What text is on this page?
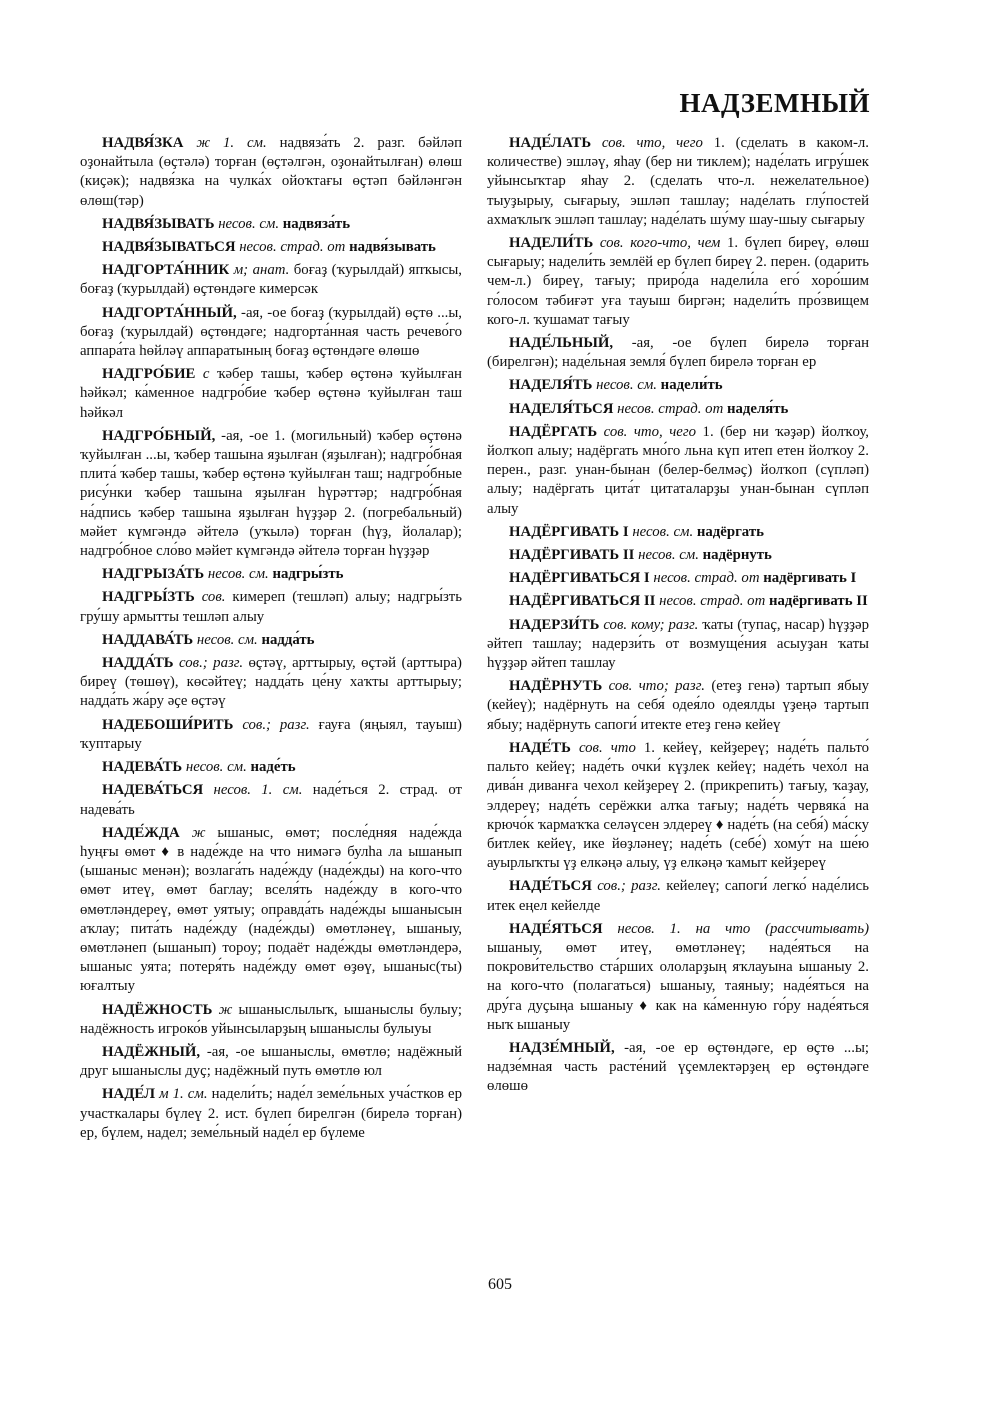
НАДЗЕМНЫЙ

НАДВЯ́ЗКА ж 1. см. надвяза́ть 2. разг. бәйләп оҙонайтыла (өҫтәлә) торған (өҫтәлгән, оҙонайтылған) өлөш (киҫәк); надвя́зка на чулка́х ойоҡтағы өҫтәп бәйләнгән өлөш(тәр)

НАДВЯ́ЗЫВАТЬ несов. см. надвяза́ть

НАДВЯ́ЗЫВАТЬСЯ несов. страд. от надвя́зывать

НАДГОРТА́ННИК м; анат. боғаҙ (ҡурылдай) япҡысы, боғаҙ (ҡурылдай) өҫтөндәге кимерсәк

НАДГОРТА́ННЫЙ, -ая, -ое боғаҙ (ҡурылдай) өҫтө ...ы, боғаҙ (ҡурылдай) өҫтөндәге; надгорта́нная часть речево́го аппара́та һөйләү аппаратының боғаҙ өҫтөндәге өлөшө

НАДГРО́БИЕ с ҡәбер ташы, ҡәбер өҫтөнә ҡуйылған һәйкәл; ка́менное надгро́бие ҡәбер өҫтөнә ҡуйылған таш һәйкәл

НАДГРО́БНЫЙ, -ая, -ое 1. (могильный) ҡәбер өҫтөнә ҡуйылған ...ы, ҡәбер ташына яҙылған (яҙылған); надгро́бная плита́ ҡәбер ташы, ҡәбер өҫтөнә ҡуйылған таш; надгро́бные рису́нки ҡәбер ташына яҙылған һүрәттәр; надгро́бная на́дпись ҡәбер ташына яҙылған һүҙҙәр 2. (погребальный) мәйет күмгәндә әйтелә (уҡылә) торған (һүҙ, йолалар); надгро́бное сло́во мәйет күмгәндә әйтелә торған һүҙҙәр

НАДГРЫЗА́ТЬ несов. см. надгры́зть

НАДГРЫ́ЗТЬ сов. кимереп (тешләп) алыу; надгры́зть гру́шу армытты тешләп алыу

НАДДАВА́ТЬ несов. см. надда́ть

НАДДА́ТЬ сов.; разг. өҫтәү, арттырыу, өҫтәй (арттыра) биреү (төшөү), көсәйтеү; надда́ть це́ну хаҡты арттырыу; надда́ть жа́ру әҫе өҫтәү

НАДЕБОШИ́РИТЬ сов.; разг. ғауға (яңыял, тауыш) ҡуптарыу

НАДЕВА́ТЬ несов. см. наде́ть

НАДЕВА́ТЬСЯ несов. 1. см. наде́ться 2. страд. от надева́ть

НАДЕ́ЖДА ж ышаныс, өмөт; после́дняя наде́жда һуңғы өмөт ♦ в наде́жде на что нимәгә булһа ла ышанып (ышаныс менән); возлага́ть наде́жду (наде́жды) на кого-что өмөт итеү, өмөт баглау; вселя́ть наде́жду в кого-что өмөтләндереү, өмөт уятыу; оправда́ть наде́жды ышаныcын аҡлау; пита́ть наде́жду (наде́жды) өмөтләнеү, ышаныу, өмөтләнеп (ышанып) тороу; подаёт наде́жды өмөтләндерә, ышаныс уята; потеря́ть наде́жду өмөт өҙөү, ышаныс(ты) юғалтыу

НАДЁЖНОСТЬ ж ышаныслылыҡ, ышаныслы булыу; надёжность игроко́в уйынсыларҙың ышаныслы булыуы

НАДЁЖНЫЙ, -ая, -ое ышаныслы, өмөтлө; надёжный друг ышаныслы дуҫ; надёжный путь өмөтлө юл

НАДЕ́Л м 1. см. надели́ть; наде́л земе́льных уча́стков ер участкалары бүлеү 2. ист. бүлеп бирелгән (бирелә торған) ер, бүлем, надел; земе́льный наде́л ер бүлеме

НАДЕ́ЛАТЬ сов. что, чего 1. (сделать в каком-л. количестве) эшләү, яһау (бер ни тиклем); наде́лать игру́шек уйынсыҡтар яһау 2. (сделать что-л. нежелательное) тыуҙырыу, сығарыу, эшләп ташлау; наде́лать глу́постей ахмаҡлыҡ эшләп ташлау; наде́лать шу́му шау-шыу сығарыу

НАДЕЛИ́ТЬ сов. кого-что, чем 1. бүлеп биреү, өлөш сығарыу; надели́ть землёй ер бүлеп биреү 2. перен. (одарить чем-л.) биреү, тағыу; приро́да надели́ла его́ хоро́шим го́лосом тәбиғәт уға тауыш биргән; надели́ть про́звищем кого-л. ҡушамат тағыу

НАДЕ́ЛЬНЫЙ, -ая, -ое бүлеп бирелә торған (бирелгән); наде́льная земля́ бүлеп бирелә торған ер

НАДЕЛЯ́ТЬ несов. см. надели́ть

НАДЕЛЯ́ТЬСЯ несов. страд. от наделя́ть

НАДЁРГАТЬ сов. что, чего 1. (бер ни ҡәҙәр) йолҡоу, йолҡоп алыу; надёргать мно́го льна күп итеп етен йолҡоу 2. перен., разг. унан-бынан (белер-белмәҫ) йолҡоп (сүпләп) алыу; надёргать цита́т цитаталарҙы унан-бынан сүпләп алыу

НАДЁРГИВАТЬ I несов. см. надёргать

НАДЁРГИВАТЬ II несов. см. надёрнуть

НАДЁРГИВАТЬСЯ I несов. страд. от надёргивать I

НАДЁРГИВАТЬСЯ II несов. страд. от надёргивать II

НАДЕРЗИ́ТЬ сов. кому; разг. ҡаты (тупаҫ, насар) һүҙҙәр әйтеп ташлау; надерзи́ть от возмуще́ния асыуҙан ҡаты һүҙҙәр әйтеп ташлау

НАДЁРНУТЬ сов. что; разг. (етеҙ генә) тартып ябыу (кейеү); надёрнуть на себя́ одея́ло одеялды үҙеңә тартып ябыу; надёрнуть сапоги́ итекте етеҙ генә кейеү

НАДЕ́ТЬ сов. что 1. кейеү, кейҙереү; наде́ть пальто́ пальто кейеү; наде́ть очки́ күҙлек кейеү; наде́ть чехо́л на дива́н диванға чехол кейҙереү 2. (прикрепить) тағыу, ҡаҙау, элдереү; наде́ть серёжки алҡа тағыу; наде́ть червяка́ на крючо́к ҡармаҡҡа селәүсен элдереү ♦ наде́ть (на себя́) ма́ску битлек кейеү, ике йөҙләнеү; наде́ть (себе́) хому́т на ше́ю ауырлыҡты үҙ елкәңә алыу, үҙ елкәңә ҡамыт кейҙереү

НАДЕ́ТЬСЯ сов.; разг. кейелеү; сапоги́ легко́ наде́лись итек еңел кейелде

НАДЕ́ЯТЬСЯ несов. 1. на что (рассчитывать) ышаныу, өмөт итеү, өмөтләнеү; наде́яться на покрови́тельство ста́рших ололарҙың яҡлауына ышаныу 2. на кого-что (полагаться) ышаныу, таяныу; наде́яться на дру́га дуҫыңа ышаныу ♦ как на ка́менную го́ру наде́яться ныҡ ышаныу

НАДЗЕ́МНЫЙ, -ая, -ое ер өҫтөндәге, ер өҫтө ...ы; надзе́мная часть расте́ний үҫемлектәрҙең ер өҫтөндәге өлөшө

605
